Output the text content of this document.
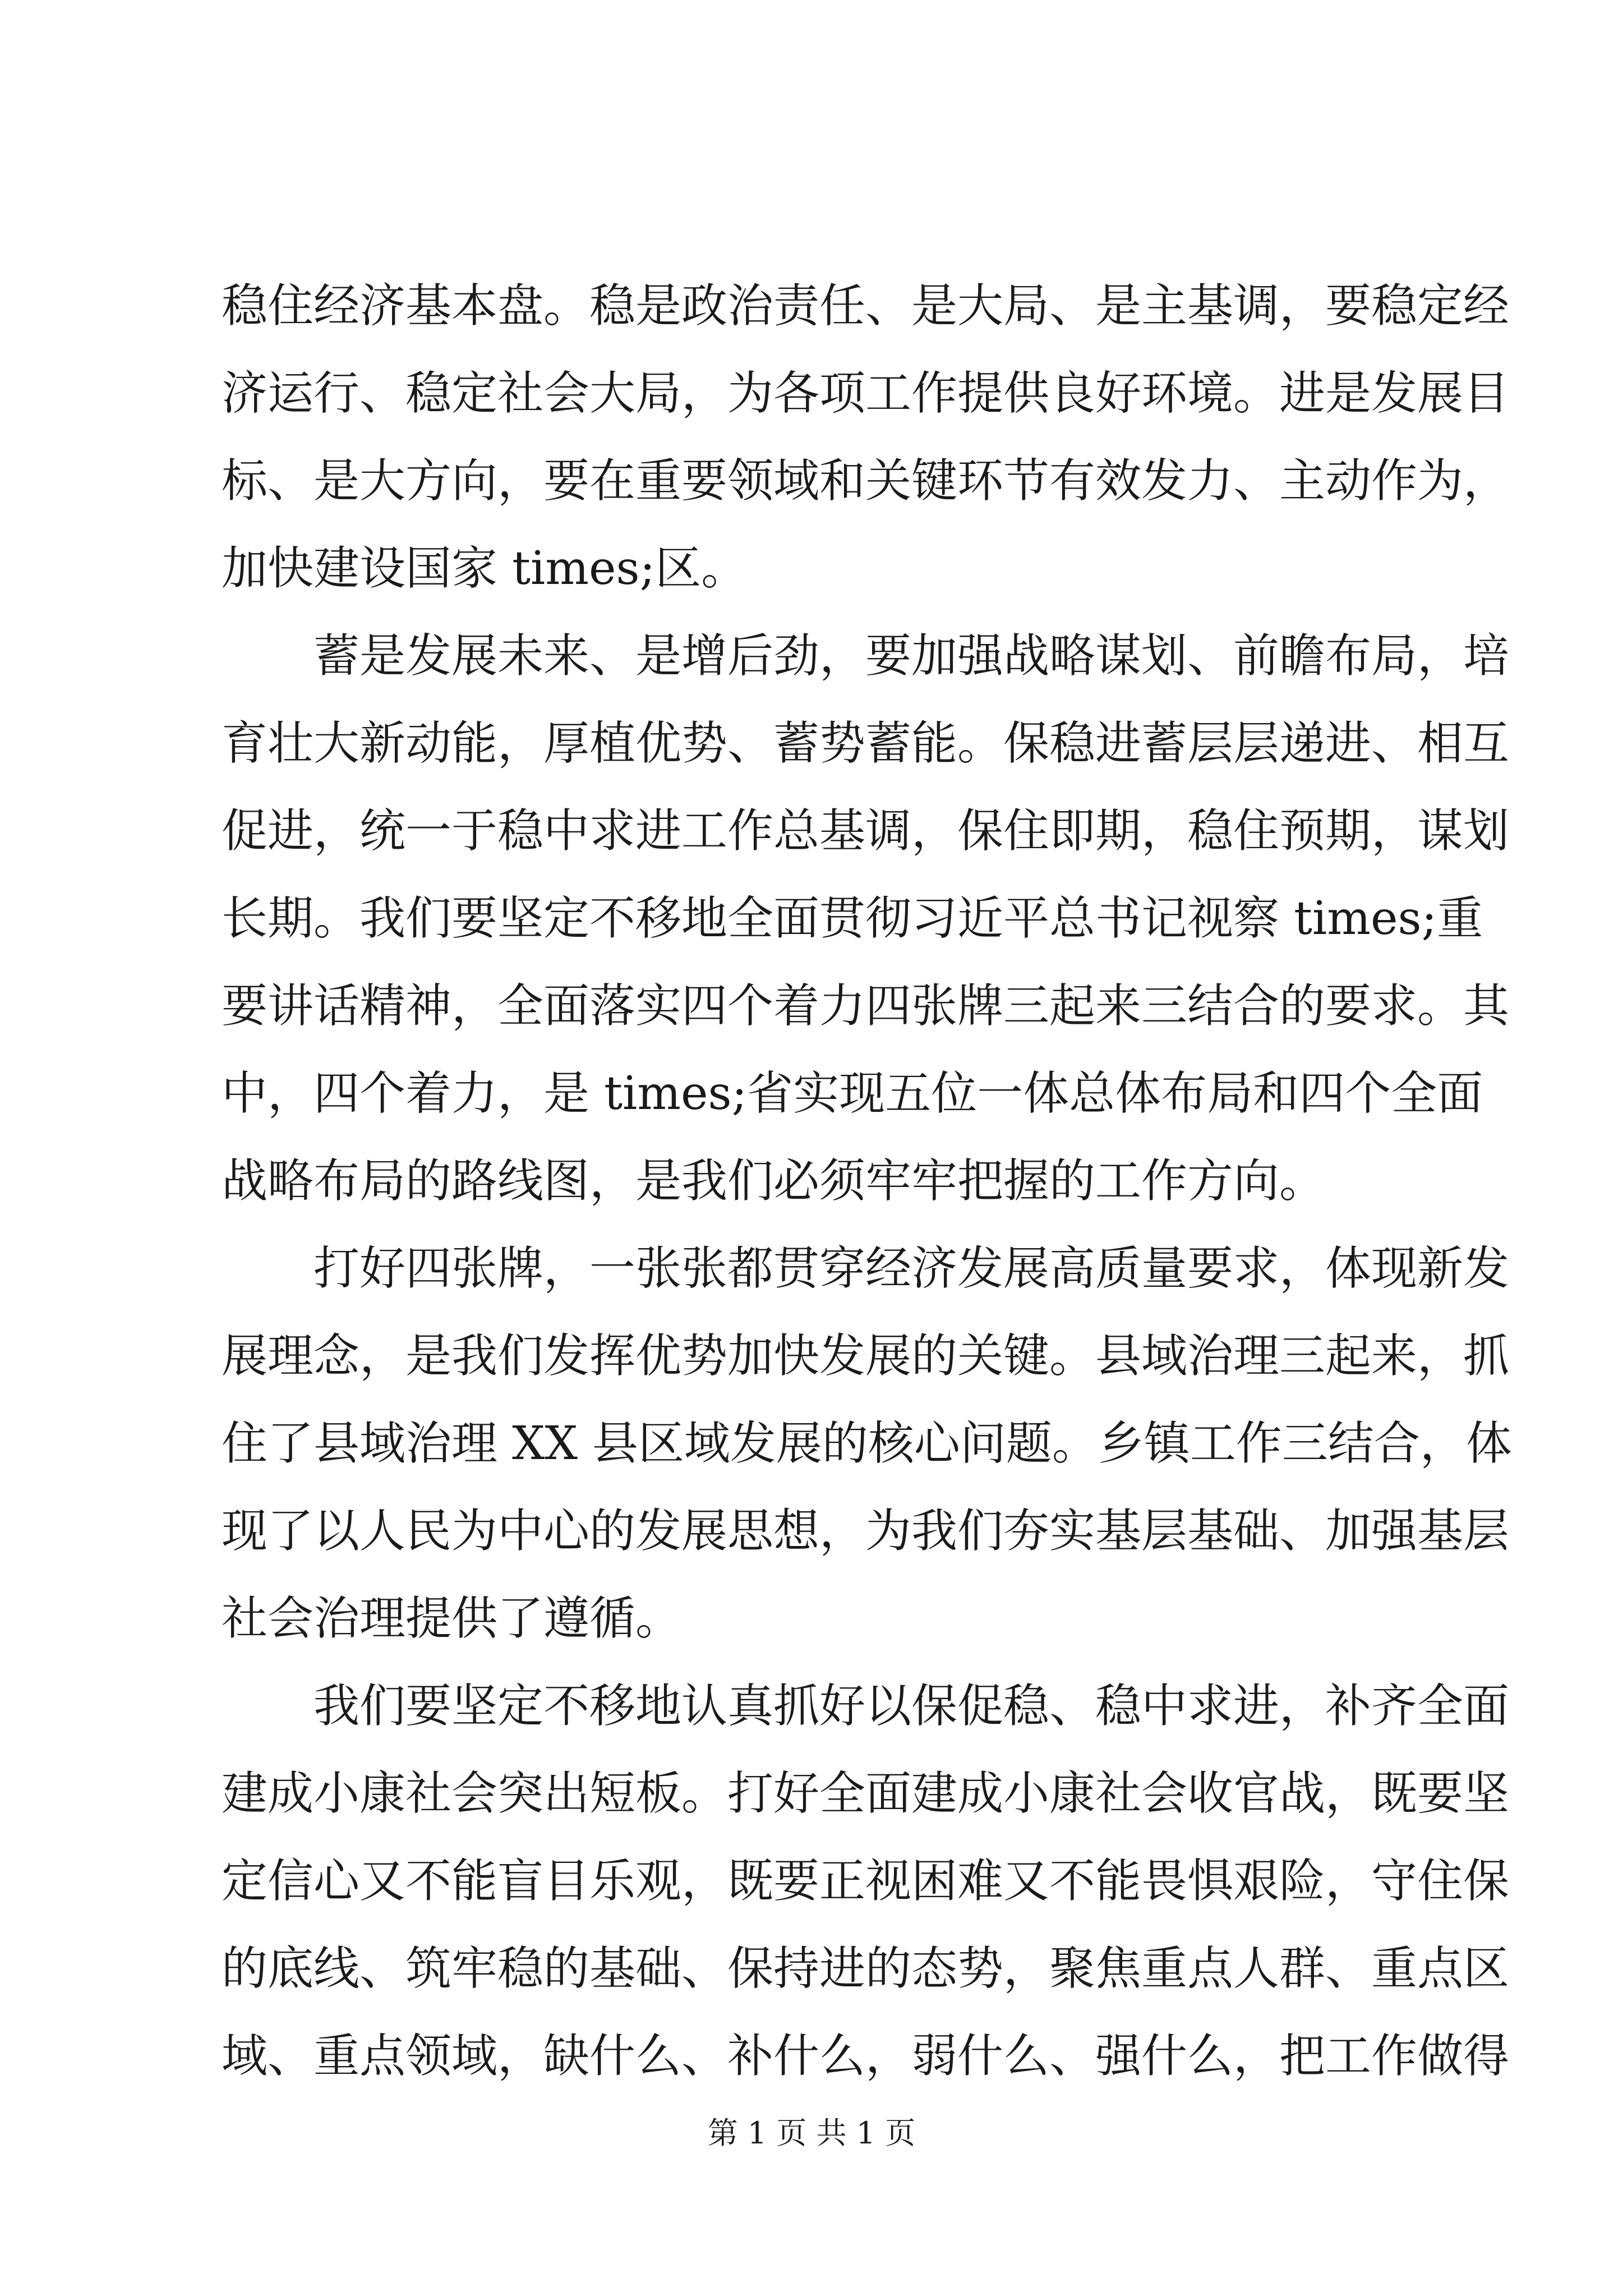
稳住经济基本盘。稳是政治责任、是大局、是主基调，要稳定经
济运行、稳定社会大局，为各项工作提供良好环境。进是发展目
标、是大方向，要在重要领域和关键环节有效发力、主动作为，
加快建设国家 times;区。
蓄是发展未来、是增后劲，要加强战略谋划、前瞻布局，培
育壮大新动能，厚植优势、蓄势蓄能。保稳进蓄层层递进、相互
促进，统一于稳中求进工作总基调，保住即期，稳住预期，谋划
长期。我们要坚定不移地全面贯彻习近平总书记视察 times;重
要讲话精神，全面落实四个着力四张牌三起来三结合的要求。其
中，四个着力，是 times;省实现五位一体总体布局和四个全面
战略布局的路线图，是我们必须牢牢把握的工作方向。
打好四张牌，一张张都贯穿经济发展高质量要求，体现新发
展理念，是我们发挥优势加快发展的关键。县域治理三起来，抓
住了县域治理 XX 县区域发展的核心问题。乡镇工作三结合，体
现了以人民为中心的发展思想，为我们夯实基层基础、加强基层
社会治理提供了遵循。
我们要坚定不移地认真抓好以保促稳、稳中求进，补齐全面
建成小康社会突出短板。打好全面建成小康社会收官战，既要坚
定信心又不能盲目乐观，既要正视困难又不能畏惧艰险，守住保
的底线、筑牢稳的基础、保持进的态势，聚焦重点人群、重点区
域、重点领域，缺什么、补什么，弱什么、强什么，把工作做得
第 1 页 共 1 页
